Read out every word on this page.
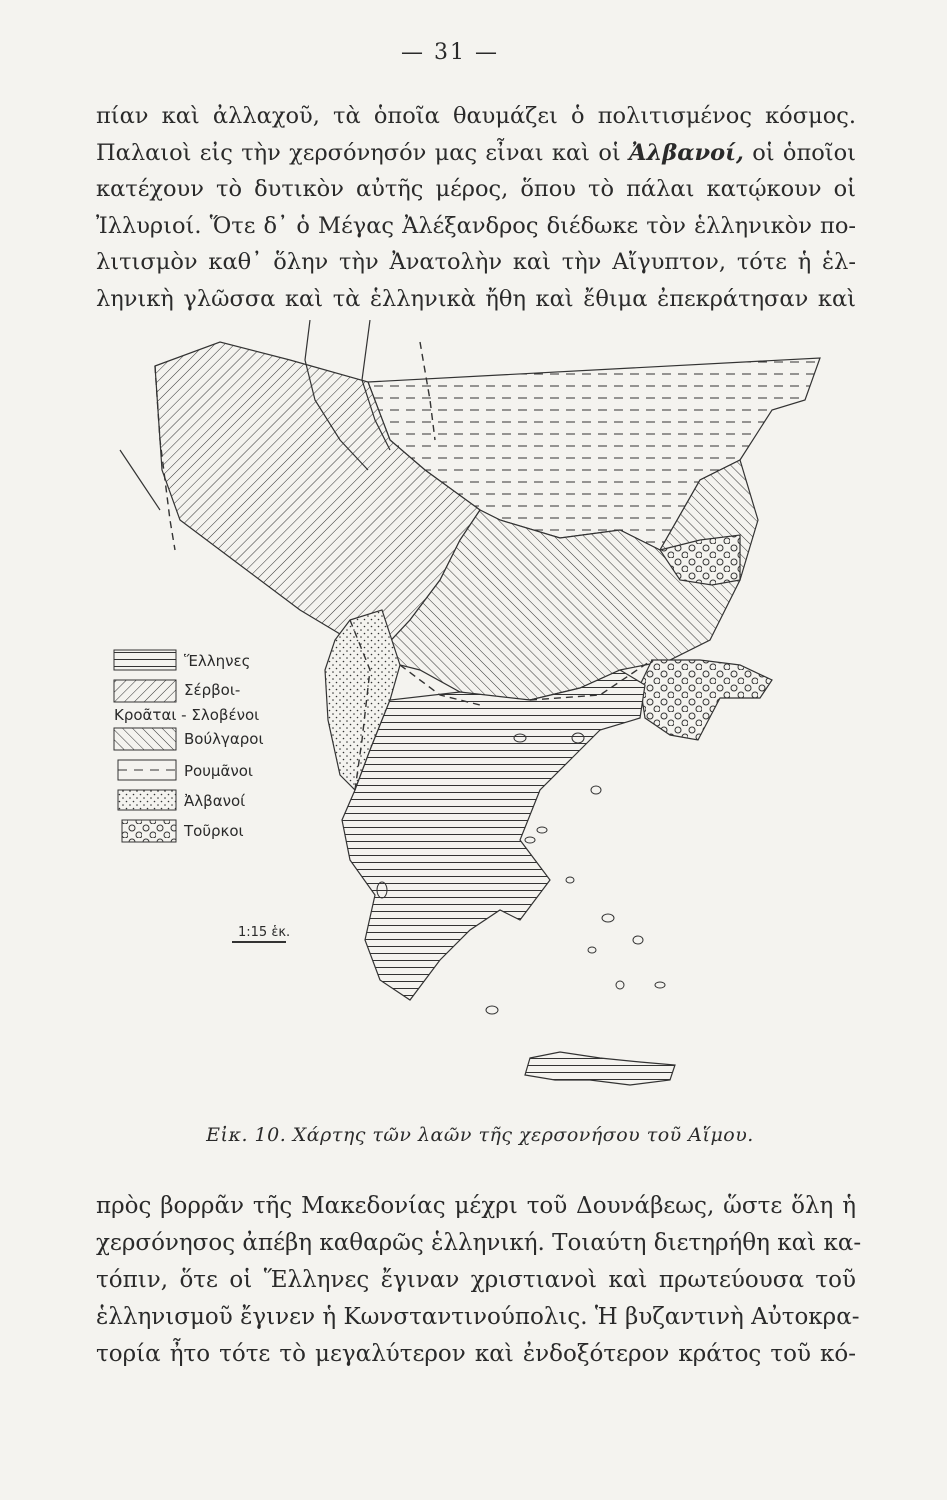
— 31 —
πίαν καὶ ἀλλαχοῦ, τὰ ὁποῖα θαυμάζει ὁ πολιτισμένος κόσμος.
Παλαιοὶ εἰς τὴν χερσόνησόν μας εἶναι καὶ οἱ Ἀλβανοί, οἱ ὁποῖοι
κατέχουν τὸ δυτικὸν αὐτῆς μέρος, ὅπου τὸ πάλαι κατῴκουν οἱ
Ἰλλυριοί. Ὅτε δ᾿ ὁ Μέγας Ἀλέξανδρος διέδωκε τὸν ἑλληνικὸν πο-
λιτισμὸν καθ᾿ ὅλην τὴν Ἀνατολὴν καὶ τὴν Αἴγυπτον, τότε ἡ ἑλ-
ληνικὴ γλῶσσα καὶ τὰ ἑλληνικὰ ἤθη καὶ ἔθιμα ἐπεκράτησαν καὶ
Ἕλληνες
Σέρβοι-
Κροᾶται - Σλοβένοι
Βούλγαροι
Ρουμᾶνοι
Ἀλβανοί
Τοῦρκοι
1:15 ἑκ.
Εἰκ. 10. Χάρτης τῶν λαῶν τῆς χερσονήσου τοῦ Αἵμου.
πρὸς βορρᾶν τῆς Μακεδονίας μέχρι τοῦ Δουνάβεως, ὥστε ὅλη ἡ
χερσόνησος ἀπέβη καθαρῶς ἑλληνική. Τοιαύτη διετηρήθη καὶ κα-
τόπιν, ὅτε οἱ Ἕλληνες ἔγιναν χριστιανοὶ καὶ πρωτεύουσα τοῦ
ἑλληνισμοῦ ἔγινεν ἡ Κωνσταντινούπολις. Ἡ βυζαντινὴ Αὐτοκρα-
τορία ἦτο τότε τὸ μεγαλύτερον καὶ ἐνδοξότερον κράτος τοῦ κό-
